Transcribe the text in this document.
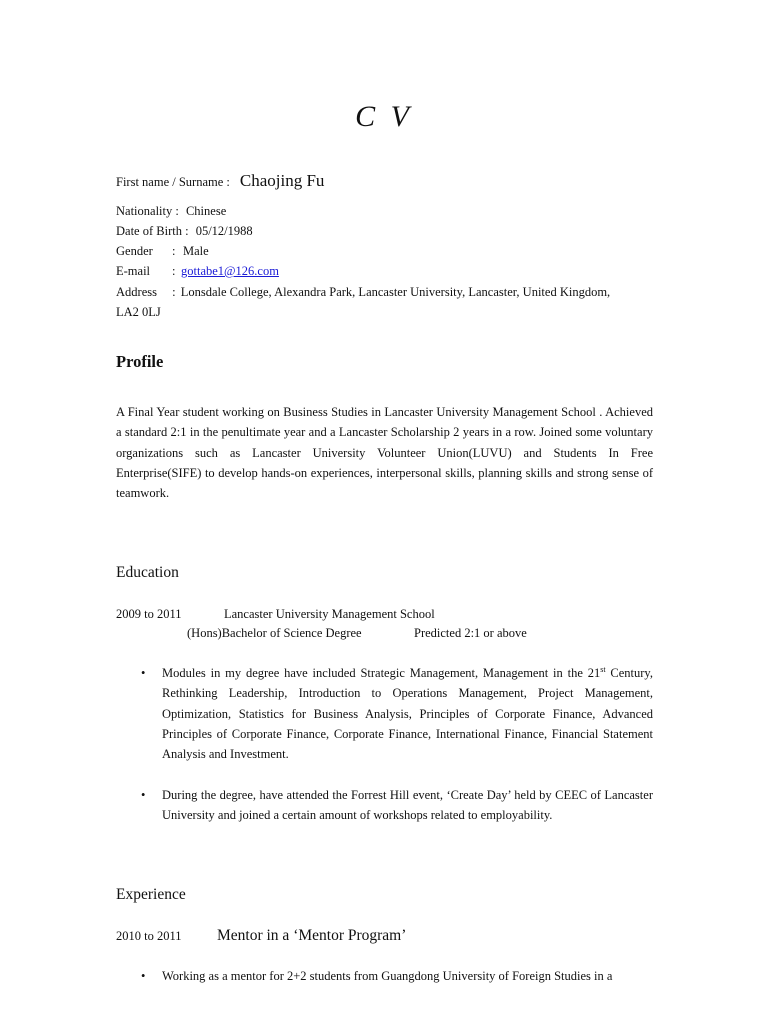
C V
First name / Surname : Chaojing Fu
Nationality : Chinese
Date of Birth : 05/12/1988
Gender : Male
E-mail : gottabe1@126.com
Address : Lonsdale College, Alexandra Park, Lancaster University, Lancaster, United Kingdom,
LA2 0LJ
Profile
A Final Year student working on Business Studies in Lancaster University Management School . Achieved a standard 2:1 in the penultimate year and a Lancaster Scholarship 2 years in a row. Joined some voluntary organizations such as Lancaster University Volunteer Union(LUVU) and Students In Free Enterprise(SIFE) to develop hands-on experiences, interpersonal skills, planning skills and strong sense of teamwork.
Education
2009 to 2011	Lancaster University Management School
(Hons)Bachelor of Science Degree	Predicted 2:1 or above
• Modules in my degree have included Strategic Management, Management in the 21st Century, Rethinking Leadership, Introduction to Operations Management, Project Management, Optimization, Statistics for Business Analysis, Principles of Corporate Finance, Advanced Principles of Corporate Finance, Corporate Finance, International Finance, Financial Statement Analysis and Investment.
• During the degree, have attended the Forrest Hill event, ‘Create Day’ held by CEEC of Lancaster University and joined a certain amount of workshops related to employability.
Experience
2010 to 2011 Mentor in a ‘Mentor Program’
• Working as a mentor for 2+2 students from Guangdong University of Foreign Studies in a
